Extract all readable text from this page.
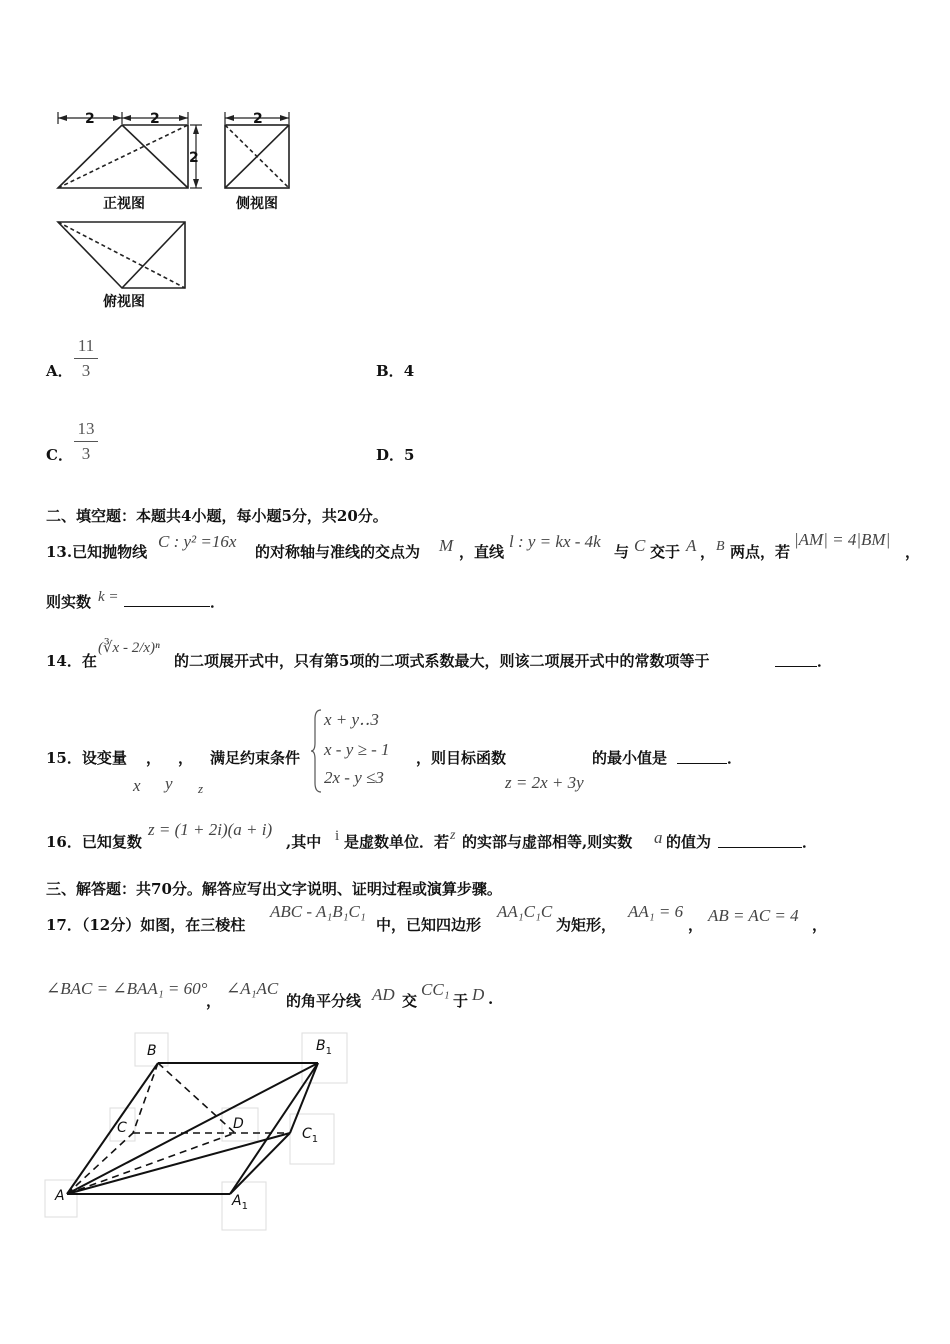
2	2
2
2
正视图	侧视图
俯视图
A．
11
3	B．4
C．
13
3	D．5
二、填空题：本题共4小题，每小题5分，共20分。
13.已知抛物线
C : y² =16x
的对称轴与准线的交点为 M ，直线
l : y = kx - 4k
与 C 交于 A ， B 两点，若
|AM| = 4|BM|
，
则实数 k =	．
14．在
(∛x - 2/x)ⁿ
的二项展开式中，只有第5项的二项式系数最大，则该二项展开式中的常数项等于	．
15．设变量 ， ， 满足约束条件
x + y‥3
x - y ≥ - 1
2x - y ≤3
，则目标函数	的最小值是	．
x y z	z = 2x + 3y
16．已知复数
z = (1 + 2i)(a + i)
,其中 i 是虚数单位．若 z 的实部与虚部相等,则实数 a 的值为	．
三、解答题：共70分。解答应写出文字说明、证明过程或演算步骤。
17．（12分）如图，在三棱柱
ABC - A₁B₁C₁
中，已知四边形
AA₁C₁C
为矩形，
AA₁ = 6
， AB = AC = 4 ，
∠BAC = ∠BAA₁ = 60°
，
∠A₁AC
的角平分线 AD 交
CC₁
于 D .
B	$B_1$
C	D
$C_1$
A	$A_1$
